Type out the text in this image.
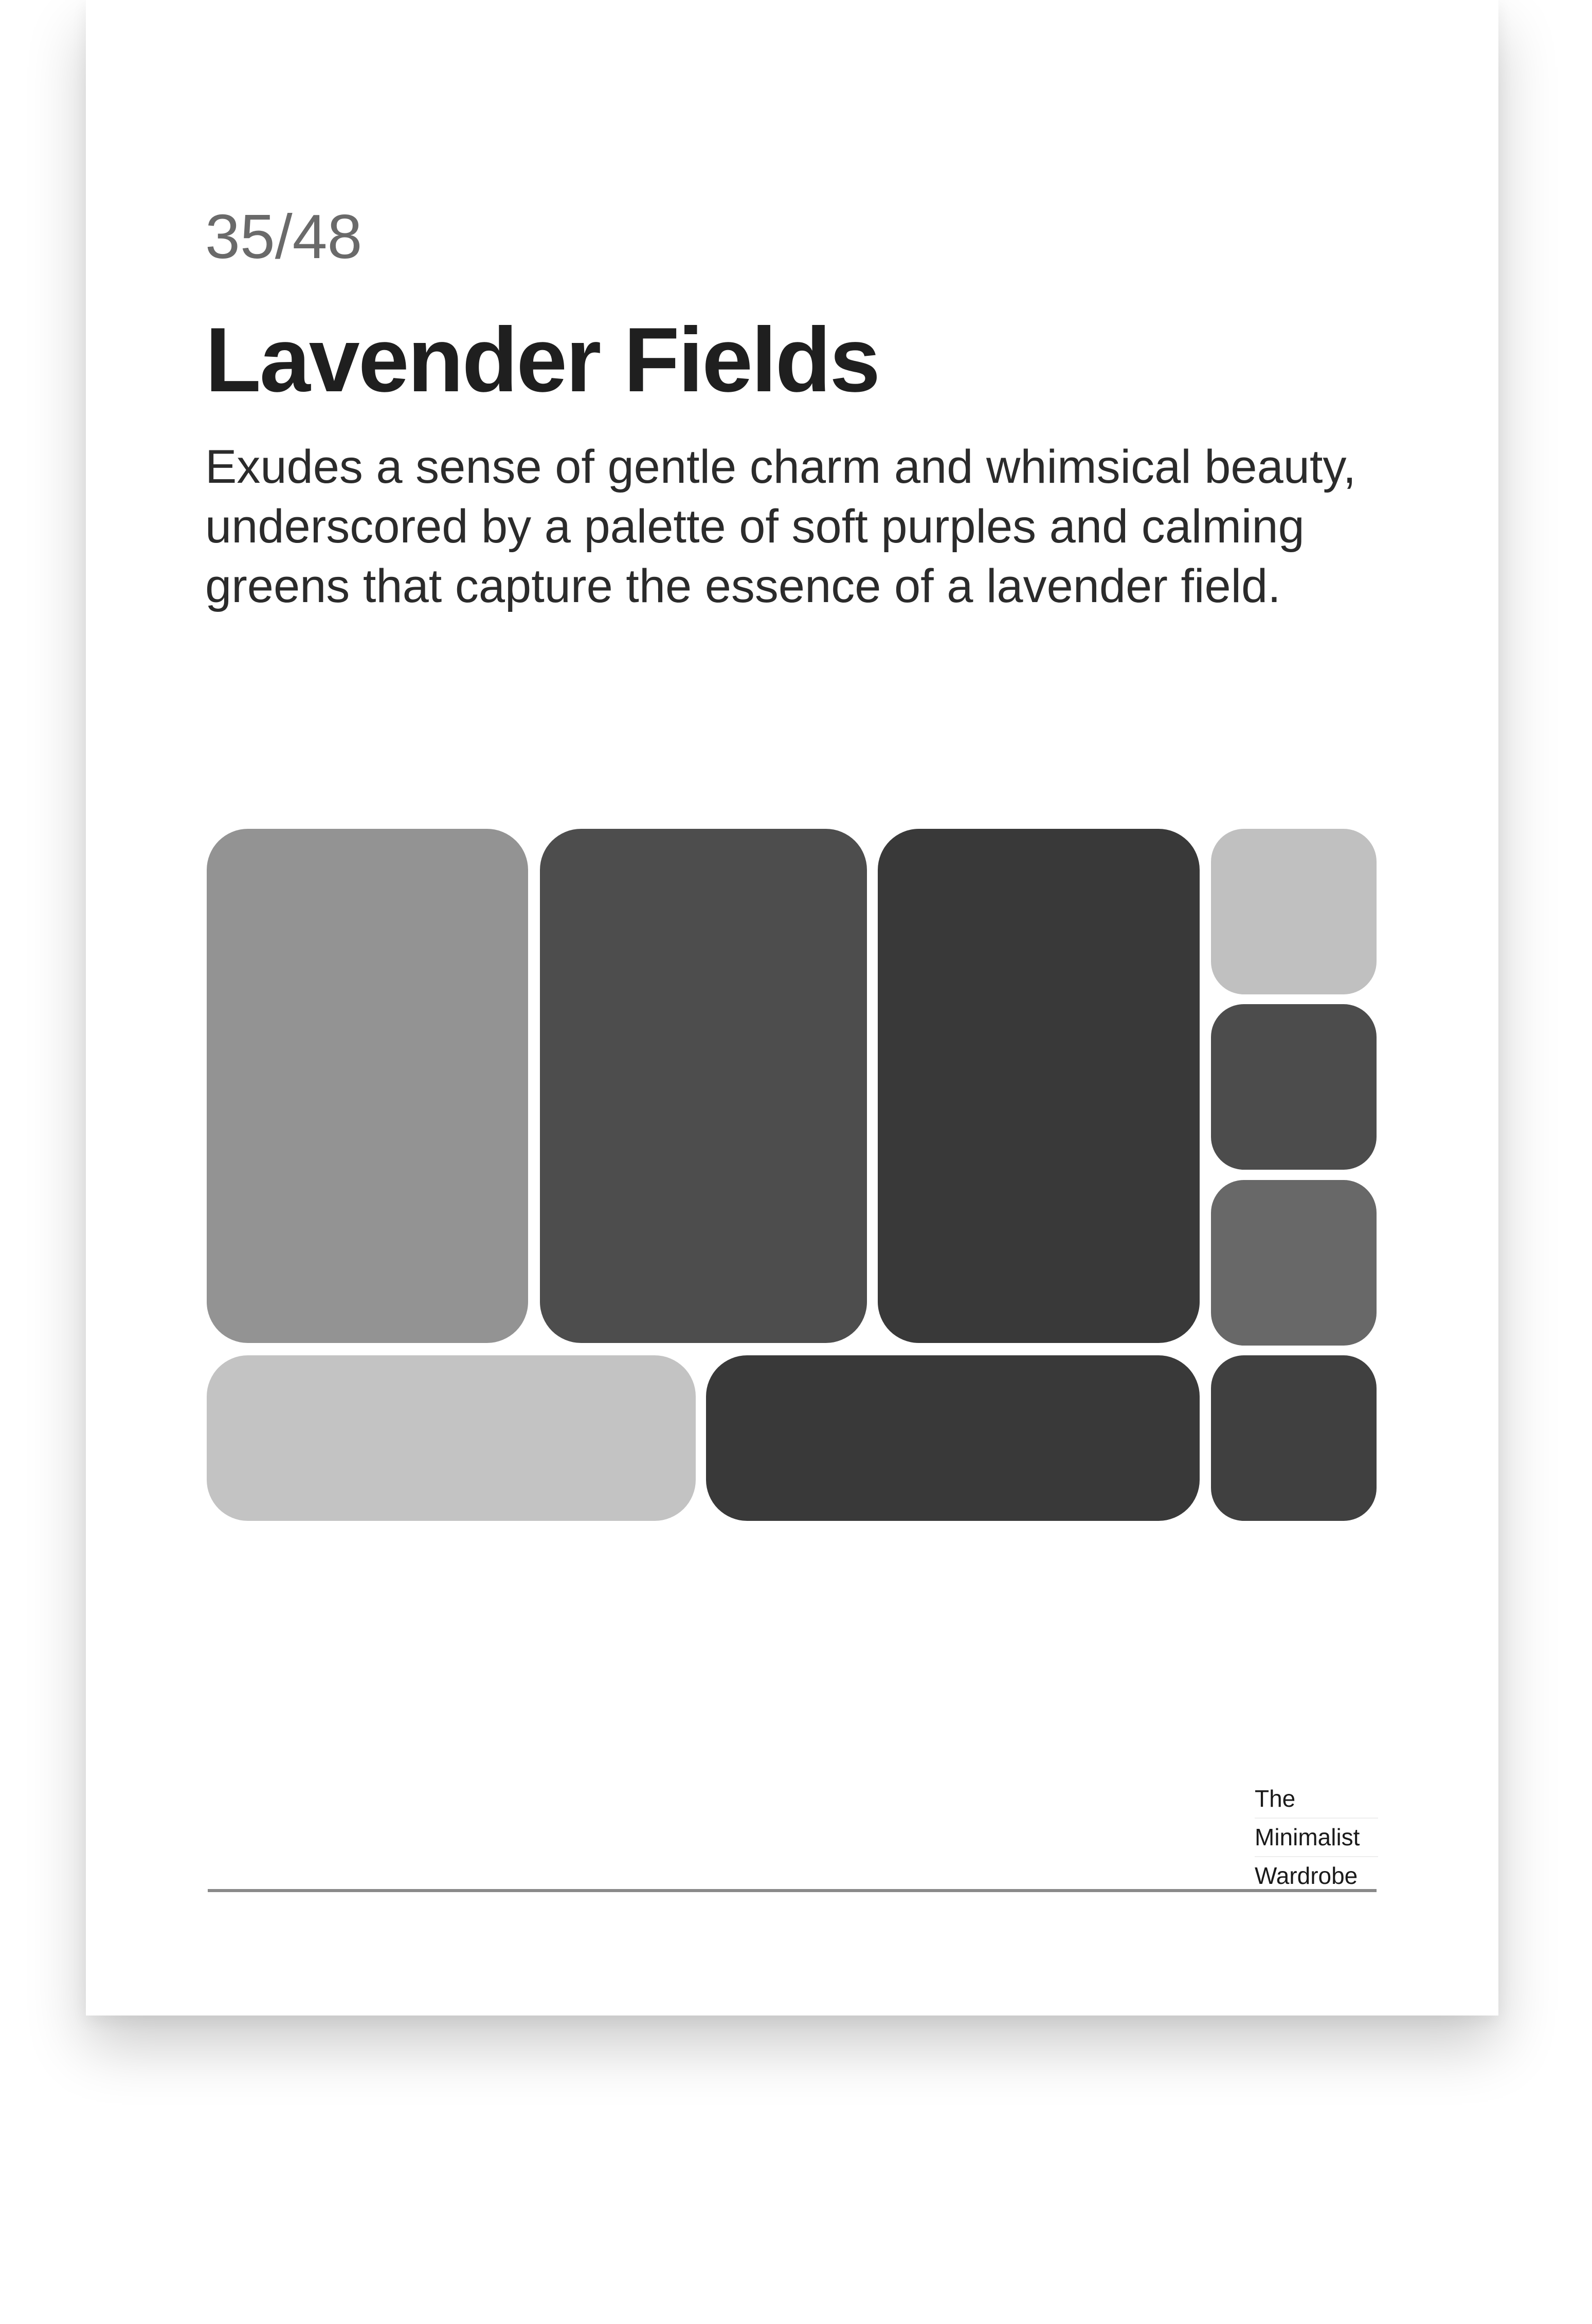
35/48
Lavender Fields

Exudes a sense of gentle charm and whimsical beauty, underscored by a palette of soft purples and calming greens that capture the essence of a lavender field.

The
Minimalist
Wardrobe
